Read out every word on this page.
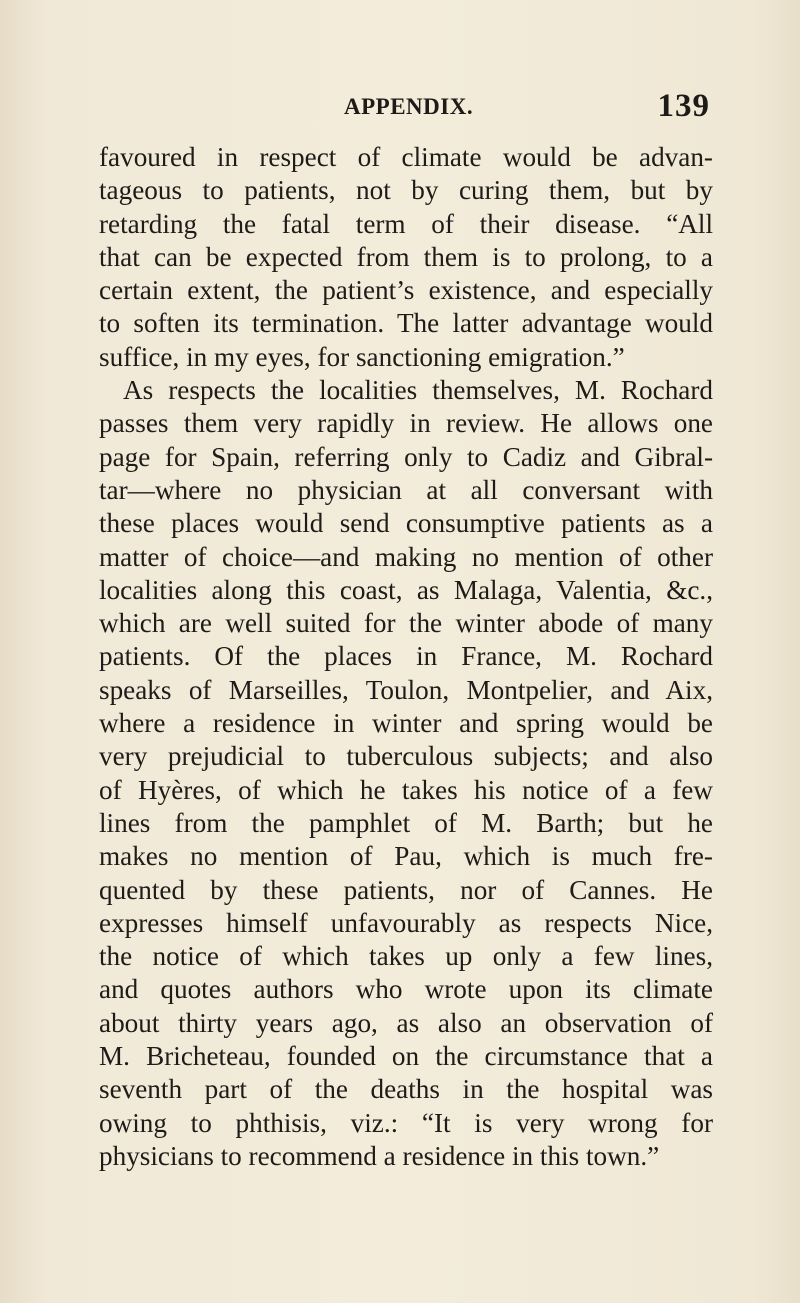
APPENDIX.	139
favoured in respect of climate would be advan-
tageous to patients, not by curing them, but by
retarding the fatal term of their disease. “All
that can be expected from them is to prolong, to a
certain extent, the patient’s existence, and especially
to soften its termination. The latter advantage would
suffice, in my eyes, for sanctioning emigration.”
As respects the localities themselves, M. Rochard
passes them very rapidly in review. He allows one
page for Spain, referring only to Cadiz and Gibral-
tar—where no physician at all conversant with
these places would send consumptive patients as a
matter of choice—and making no mention of other
localities along this coast, as Malaga, Valentia, &c.,
which are well suited for the winter abode of many
patients. Of the places in France, M. Rochard
speaks of Marseilles, Toulon, Montpelier, and Aix,
where a residence in winter and spring would be
very prejudicial to tuberculous subjects; and also
of Hyères, of which he takes his notice of a few
lines from the pamphlet of M. Barth; but he
makes no mention of Pau, which is much fre-
quented by these patients, nor of Cannes. He
expresses himself unfavourably as respects Nice,
the notice of which takes up only a few lines,
and quotes authors who wrote upon its climate
about thirty years ago, as also an observation of
M. Bricheteau, founded on the circumstance that a
seventh part of the deaths in the hospital was
owing to phthisis, viz.: “It is very wrong for
physicians to recommend a residence in this town.”
